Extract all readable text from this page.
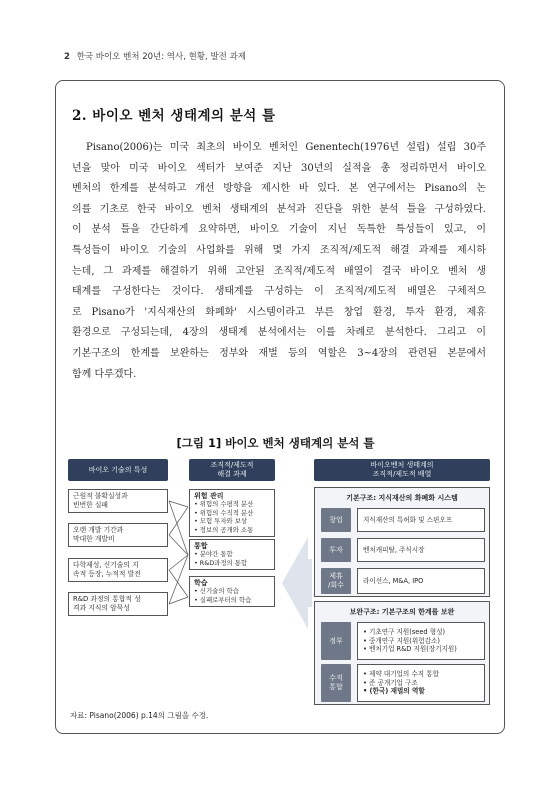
2 한국 바이오 벤처 20년: 역사, 현황, 발전 과제
2. 바이오 벤처 생태계의 분석 틀
Pisano(2006)는 미국 최초의 바이오 벤처인 Genentech(1976년 설립) 설립 30주
년을 맞아 미국 바이오 섹터가 보여준 지난 30년의 실적을 총 정리하면서 바이오
벤처의 한계를 분석하고 개선 방향을 제시한 바 있다. 본 연구에서는 Pisano의 논
의를 기초로 한국 바이오 벤처 생태계의 분석과 진단을 위한 분석 틀을 구성하였다.
이 분석 틀을 간단하게 요약하면, 바이오 기술이 지닌 독특한 특성들이 있고, 이
특성들이 바이오 기술의 사업화를 위해 몇 가지 조직적/제도적 해결 과제를 제시하
는데, 그 과제를 해결하기 위해 고안된 조직적/제도적 배열이 결국 바이오 벤처 생
태계를 구성한다는 것이다. 생태계를 구성하는 이 조직적/제도적 배열은 구체적으
로 Pisano가 '지식재산의 화폐화' 시스템이라고 부른 창업 환경, 투자 환경, 제휴
환경으로 구성되는데, 4장의 생태계 분석에서는 이를 차례로 분석한다. 그리고 이
기본구조의 한계를 보완하는 정부와 재벌 등의 역할은 3~4장의 관련된 본문에서
함께 다루겠다.
[그림 1] 바이오 벤처 생태계의 분석 틀
바이오 기술의 특성
조직적/제도적
해결 과제
바이오벤처 생태계의
조직적/제도적 배열
근원적 불확실성과
빈번한 실패
오랜 개발 기간과
막대한 개발비
다학제성, 신기술의 지
속적 등장, 누적적 발전
R&D 과정의 통합적 성
격과 지식의 암묵성
위험 관리
• 위험의 수평적 분산
• 위험의 수직적 분산
• 모험 투자와 보상
• 정보의 공개와 소통
통합
• 분야간 통합
• R&D과정의 통합
학습
• 신기술의 학습
• 실패로부터의 학습
기본구조: 지식재산의 화폐화 시스템
창업	지식재산의 특허화 및 스핀오프
투자	벤처캐피탈, 주식시장
제휴
/회수
라이선스, M&A, IPO
보완구조: 기본구조의 한계를 보완
정부
• 기초연구 지원(seed 형성)
• 중개연구 지원(위험감소)
• 벤처기업 R&D 지원(장기지원)
수직
통합
• 제약 대기업의 수직 통합
• 준 공개기업 구조
• (한국) 재벌의 역할
자료: Pisano(2006) p.14의 그림을 수정.
